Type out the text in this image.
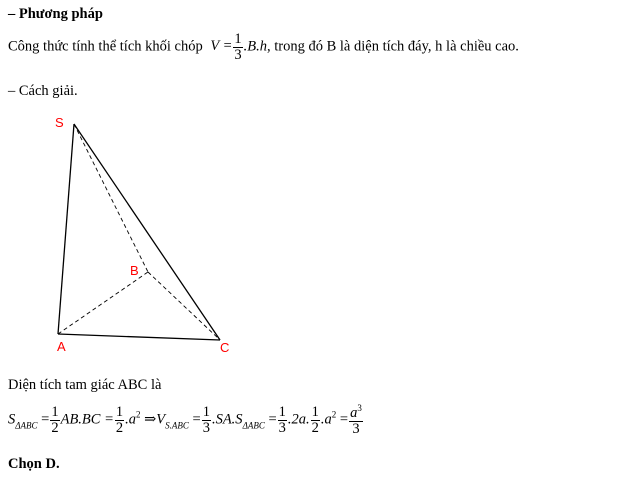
– Phương pháp
Công thức tính thể tích khối chóp $V = \frac{1}{3} .B.h$, trong đó B là diện tích đáy, h là chiều cao.
– Cách giải.
S
B
A	C
Diện tích tam giác ABC là
$S_{\Delta ABC} = \frac{1}{2} AB.BC = \frac{1}{2} .a^2$ $\Rightarrow V_{S.ABC} = \frac{1}{3} .SA.S_{\Delta ABC} = \frac{1}{3} .2a$. $\frac{1}{2} .a^2 = \frac{a^3}{3}$
Chọn D.
